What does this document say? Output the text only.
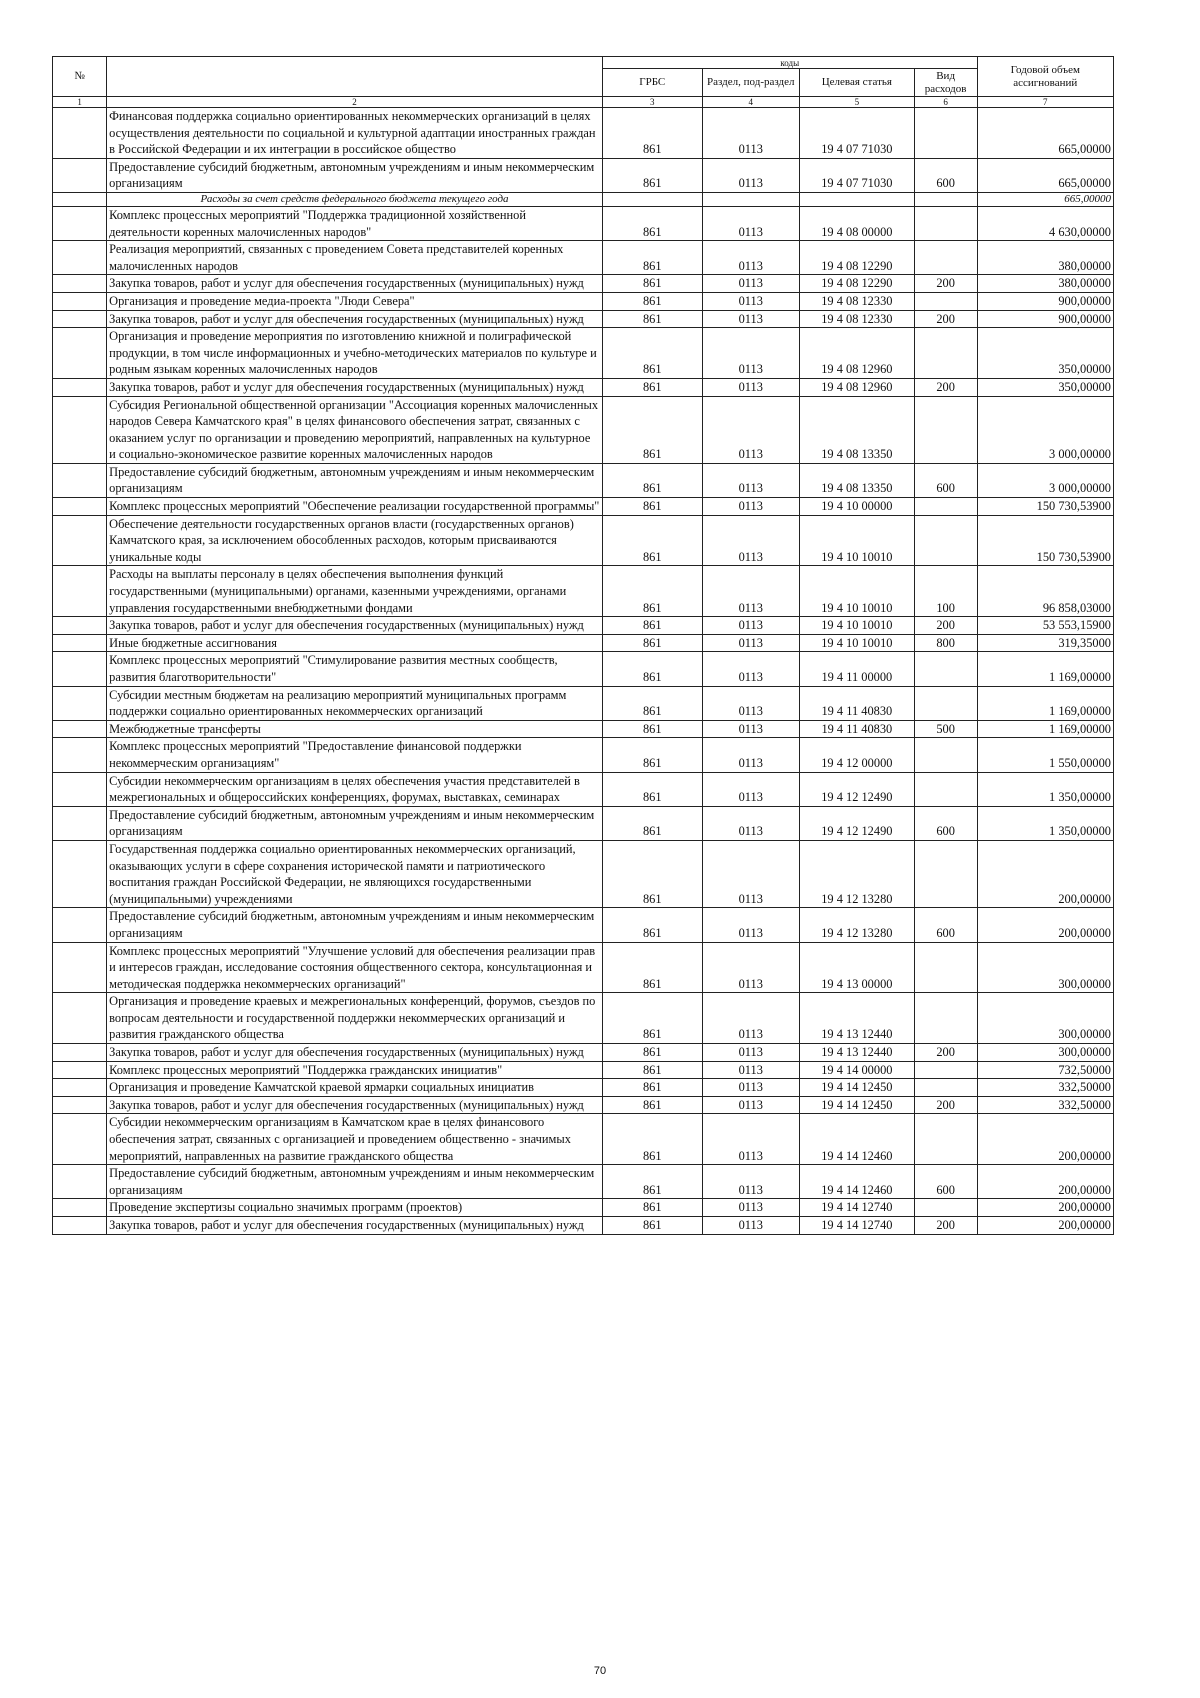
№		коды				Годовой объем ассигнований
		ГРБС	Раздел, под-раздел	Целевая статья	Вид расходов	
1	2	3	4	5	6	7
	Финансовая поддержка социально ориентированных некоммерческих организаций в целях осуществления деятельности по социальной и культурной адаптации иностранных граждан в Российской Федерации и их интеграции в российское общество	861	0113	19 4 07 71030		665,00000
	Предоставление субсидий бюджетным, автономным учреждениям и иным некоммерческим организациям	861	0113	19 4 07 71030	600	665,00000
	Расходы за счет средств федерального бюджета текущего года					665,00000
	Комплекс процессных мероприятий "Поддержка традиционной хозяйственной деятельности коренных малочисленных народов"	861	0113	19 4 08 00000		4 630,00000
	Реализация мероприятий, связанных с проведением Совета представителей коренных малочисленных народов	861	0113	19 4 08 12290		380,00000
	Закупка товаров, работ и услуг для обеспечения государственных (муниципальных) нужд	861	0113	19 4 08 12290	200	380,00000
	Организация и проведение медиа-проекта "Люди Севера"	861	0113	19 4 08 12330		900,00000
	Закупка товаров, работ и услуг для обеспечения государственных (муниципальных) нужд	861	0113	19 4 08 12330	200	900,00000
	Организация и проведение мероприятия по изготовлению книжной и полиграфической продукции, в том числе информационных и учебно-методических материалов по культуре и родным языкам коренных малочисленных народов	861	0113	19 4 08 12960		350,00000
	Закупка товаров, работ и услуг для обеспечения государственных (муниципальных) нужд	861	0113	19 4 08 12960	200	350,00000
	Субсидия Региональной общественной организации "Ассоциация коренных малочисленных народов Севера Камчатского края" в целях финансового обеспечения затрат, связанных с оказанием услуг по организации и проведению мероприятий, направленных на культурное и социально-экономическое развитие коренных малочисленных народов	861	0113	19 4 08 13350		3 000,00000
	Предоставление субсидий бюджетным, автономным учреждениям и иным некоммерческим организациям	861	0113	19 4 08 13350	600	3 000,00000
	Комплекс процессных мероприятий "Обеспечение реализации государственной программы"	861	0113	19 4 10 00000		150 730,53900
	Обеспечение деятельности государственных органов власти (государственных органов) Камчатского края, за исключением обособленных расходов, которым присваиваются уникальные коды	861	0113	19 4 10 10010		150 730,53900
	Расходы на выплаты персоналу в целях обеспечения выполнения функций государственными (муниципальными) органами, казенными учреждениями, органами управления государственными внебюджетными фондами	861	0113	19 4 10 10010	100	96 858,03000
	Закупка товаров, работ и услуг для обеспечения государственных (муниципальных) нужд	861	0113	19 4 10 10010	200	53 553,15900
	Иные бюджетные ассигнования	861	0113	19 4 10 10010	800	319,35000
	Комплекс процессных мероприятий "Стимулирование развития местных сообществ, развития благотворительности"	861	0113	19 4 11 00000		1 169,00000
	Субсидии местным бюджетам на реализацию мероприятий муниципальных программ поддержки социально ориентированных некоммерческих организаций	861	0113	19 4 11 40830		1 169,00000
	Межбюджетные трансферты	861	0113	19 4 11 40830	500	1 169,00000
	Комплекс процессных мероприятий "Предоставление финансовой поддержки некоммерческим организациям"	861	0113	19 4 12 00000		1 550,00000
	Субсидии некоммерческим организациям в целях обеспечения участия представителей в межрегиональных и общероссийских конференциях, форумах, выставках, семинарах	861	0113	19 4 12 12490		1 350,00000
	Предоставление субсидий бюджетным, автономным учреждениям и иным некоммерческим организациям	861	0113	19 4 12 12490	600	1 350,00000
	Государственная поддержка социально ориентированных некоммерческих организаций, оказывающих услуги в сфере сохранения исторической памяти и патриотического воспитания граждан Российской Федерации, не являющихся государственными (муниципальными) учреждениями	861	0113	19 4 12 13280		200,00000
	Предоставление субсидий бюджетным, автономным учреждениям и иным некоммерческим организациям	861	0113	19 4 12 13280	600	200,00000
	Комплекс процессных мероприятий "Улучшение условий для обеспечения реализации прав и интересов граждан, исследование состояния общественного сектора, консультационная и методическая поддержка некоммерческих организаций"	861	0113	19 4 13 00000		300,00000
	Организация и проведение краевых и межрегиональных конференций, форумов, съездов по вопросам деятельности и государственной поддержки некоммерческих организаций и развития гражданского общества	861	0113	19 4 13 12440		300,00000
	Закупка товаров, работ и услуг для обеспечения государственных (муниципальных) нужд	861	0113	19 4 13 12440	200	300,00000
	Комплекс процессных мероприятий "Поддержка гражданских инициатив"	861	0113	19 4 14 00000		732,50000
	Организация и проведение Камчатской краевой ярмарки социальных инициатив	861	0113	19 4 14 12450		332,50000
	Закупка товаров, работ и услуг для обеспечения государственных (муниципальных) нужд	861	0113	19 4 14 12450	200	332,50000
	Субсидии некоммерческим организациям в Камчатском крае в целях финансового обеспечения затрат, связанных с организацией и проведением общественно - значимых мероприятий, направленных на развитие гражданского общества	861	0113	19 4 14 12460		200,00000
	Предоставление субсидий бюджетным, автономным учреждениям и иным некоммерческим организациям	861	0113	19 4 14 12460	600	200,00000
	Проведение экспертизы социально значимых программ (проектов)	861	0113	19 4 14 12740		200,00000
	Закупка товаров, работ и услуг для обеспечения государственных (муниципальных) нужд	861	0113	19 4 14 12740	200	200,00000
70
